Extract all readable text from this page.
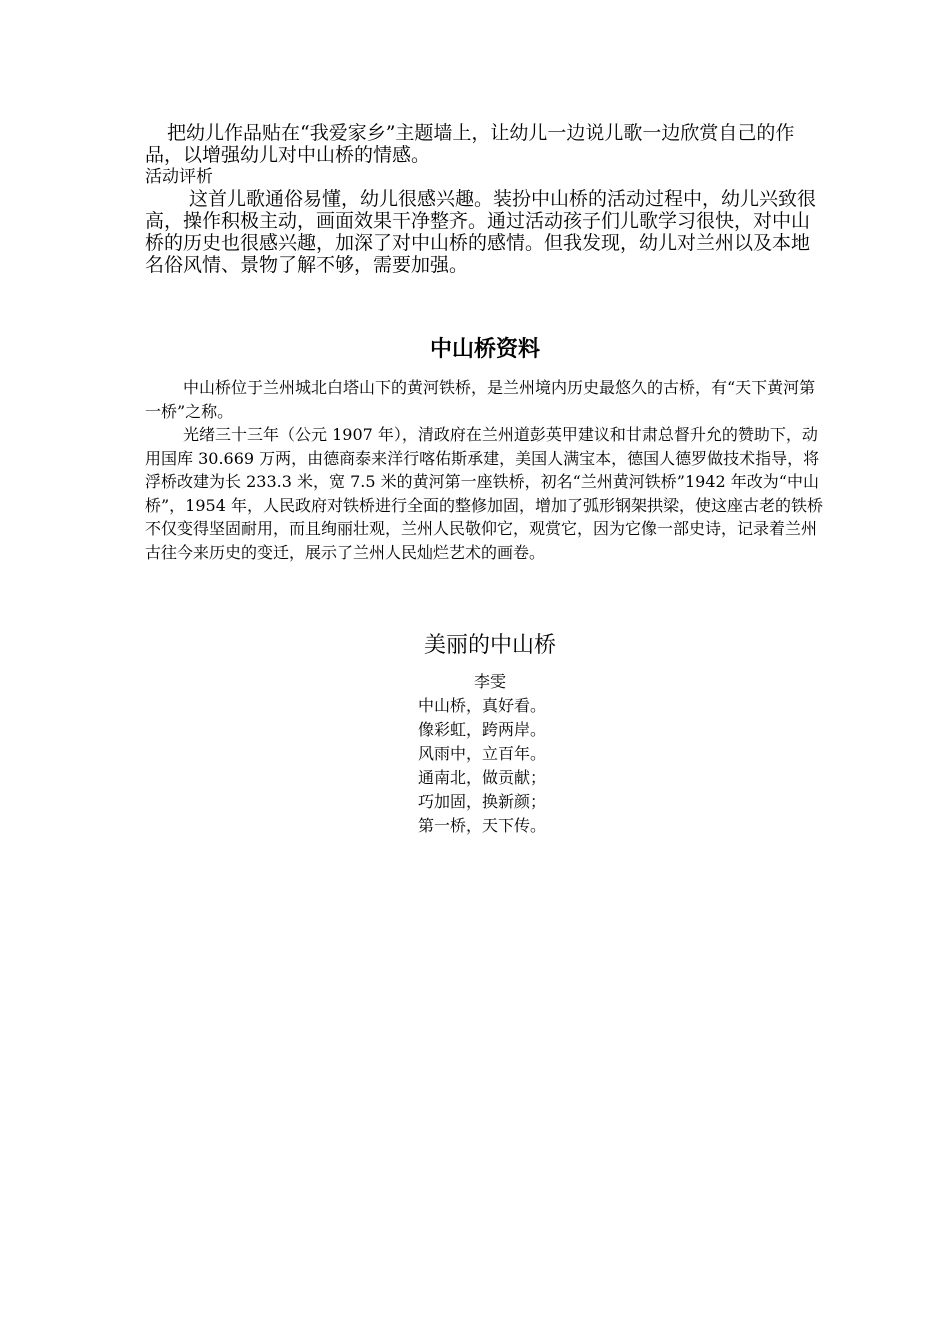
把幼儿作品贴在“我爱家乡”主题墙上，让幼儿一边说儿歌一边欣赏自己的作品，以增强幼儿对中山桥的情感。

活动评析

这首儿歌通俗易懂，幼儿很感兴趣。装扮中山桥的活动过程中，幼儿兴致很高，操作积极主动，画面效果干净整齐。通过活动孩子们儿歌学习很快，对中山桥的历史也很感兴趣，加深了对中山桥的感情。但我发现，幼儿对兰州以及本地名俗风情、景物了解不够，需要加强。

中山桥资料

中山桥位于兰州城北白塔山下的黄河铁桥，是兰州境内历史最悠久的古桥，有“天下黄河第一桥”之称。

光绪三十三年（公元 1907 年），清政府在兰州道彭英甲建议和甘肃总督升允的赞助下，动用国库 30.669 万两，由德商泰来洋行喀佑斯承建，美国人满宝本，德国人德罗做技术指导，将浮桥改建为长 233.3 米，宽 7.5 米的黄河第一座铁桥，初名“兰州黄河铁桥”1942 年改为“中山桥”，1954 年，人民政府对铁桥进行全面的整修加固，增加了弧形钢架拱梁，使这座古老的铁桥不仅变得坚固耐用，而且绚丽壮观，兰州人民敬仰它，观赏它，因为它像一部史诗，记录着兰州古往今来历史的变迁，展示了兰州人民灿烂艺术的画卷。

美丽的中山桥

李雯

中山桥，真好看。

像彩虹，跨两岸。

风雨中，立百年。

通南北，做贡献；

巧加固，换新颜；

第一桥，天下传。
